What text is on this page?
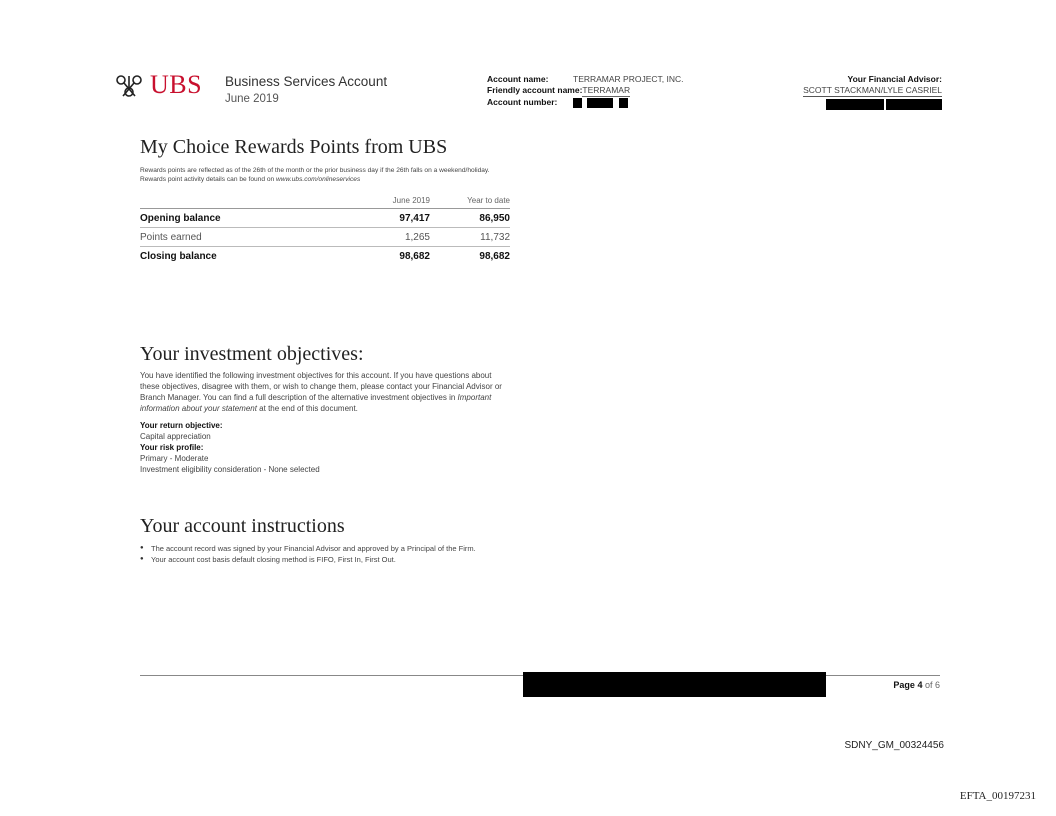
UBS Business Services Account
June 2019
Account name:	TERRAMAR PROJECT, INC.
Friendly account name: TERRAMAR
Account number:

Your Financial Advisor:
SCOTT STACKMAN/LYLE CASRIEL
My Choice Rewards Points from UBS
Rewards points are reflected as of the 26th of the month or the prior business day if the 26th falls on a weekend/holiday. Rewards point activity details can be found on www.ubs.com/onlineservices
	June 2019	Year to date
Opening balance	97,417	86,950
Points earned	1,265	11,732
Closing balance	98,682	98,682
Your investment objectives:
You have identified the following investment objectives for this account. If you have questions about these objectives, disagree with them, or wish to change them, please contact your Financial Advisor or Branch Manager. You can find a full description of the alternative investment objectives in Important information about your statement at the end of this document.
Your return objective:
Capital appreciation
Your risk profile:
Primary - Moderate
Investment eligibility consideration - None selected
Your account instructions
● The account record was signed by your Financial Advisor and approved by a Principal of the Firm.
● Your account cost basis default closing method is FIFO, First In, First Out.
Page 4 of 6
SDNY_GM_00324456
EFTA_00197231
